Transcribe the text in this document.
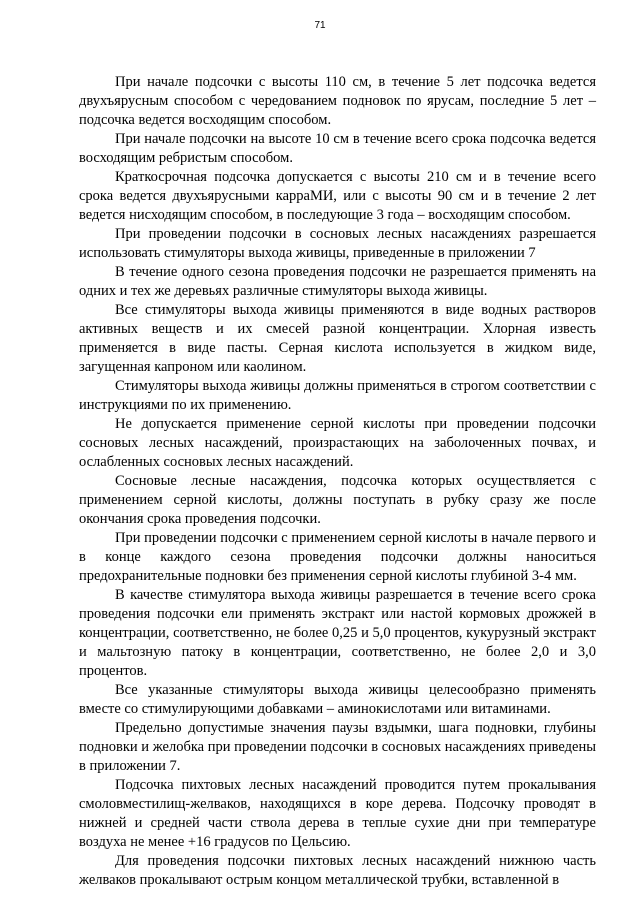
71

При начале подсочки с высоты 110 см, в течение 5 лет подсочка ведется двухъярусным способом с чередованием подновок по ярусам, последние 5 лет – подсочка ведется восходящим способом.

При начале подсочки на высоте 10 см в течение всего срока подсочка ведется восходящим ребристым способом.

Краткосрочная подсочка допускается с высоты 210 см и в течение всего срока ведется двухъярусными карраМИ, или с высоты 90 см и в течение 2 лет ведется нисходящим способом, в последующие 3 года – восходящим способом.

При проведении подсочки в сосновых лесных насаждениях разрешается использовать стимуляторы выхода живицы, приведенные в приложении 7

В течение одного сезона проведения подсочки не разрешается применять на одних и тех же деревьях различные стимуляторы выхода живицы.

Все стимуляторы выхода живицы применяются в виде водных растворов активных веществ и их смесей разной концентрации. Хлорная известь применяется в виде пасты. Серная кислота используется в жидком виде, загущенная капроном или каолином.

Стимуляторы выхода живицы должны применяться в строгом соответствии с инструкциями по их применению.

Не допускается применение серной кислоты при проведении подсочки сосновых лесных насаждений, произрастающих на заболоченных почвах, и ослабленных сосновых лесных насаждений.

Сосновые лесные насаждения, подсочка которых осуществляется с применением серной кислоты, должны поступать в рубку сразу же после окончания срока проведения подсочки.

При проведении подсочки с применением серной кислоты в начале первого и в конце каждого сезона проведения подсочки должны наноситься предохранительные подновки без применения серной кислоты глубиной 3-4 мм.

В качестве стимулятора выхода живицы разрешается в течение всего срока проведения подсочки ели применять экстракт или настой кормовых дрожжей в концентрации, соответственно, не более 0,25 и 5,0 процентов, кукурузный экстракт и мальтозную патоку в концентрации, соответственно, не более 2,0 и 3,0 процентов.

Все указанные стимуляторы выхода живицы целесообразно применять вместе со стимулирующими добавками – аминокислотами или витаминами.

Предельно допустимые значения паузы вздымки, шага подновки, глубины подновки и желобка при проведении подсочки в сосновых насаждениях приведены в приложении 7.

Подсочка пихтовых лесных насаждений проводится путем прокалывания смоловместилищ-желваков, находящихся в коре дерева. Подсочку проводят в нижней и средней части ствола дерева в теплые сухие дни при температуре воздуха не менее +16 градусов по Цельсию.

Для проведения подсочки пихтовых лесных насаждений нижнюю часть желваков прокалывают острым концом металлической трубки, вставленной в
